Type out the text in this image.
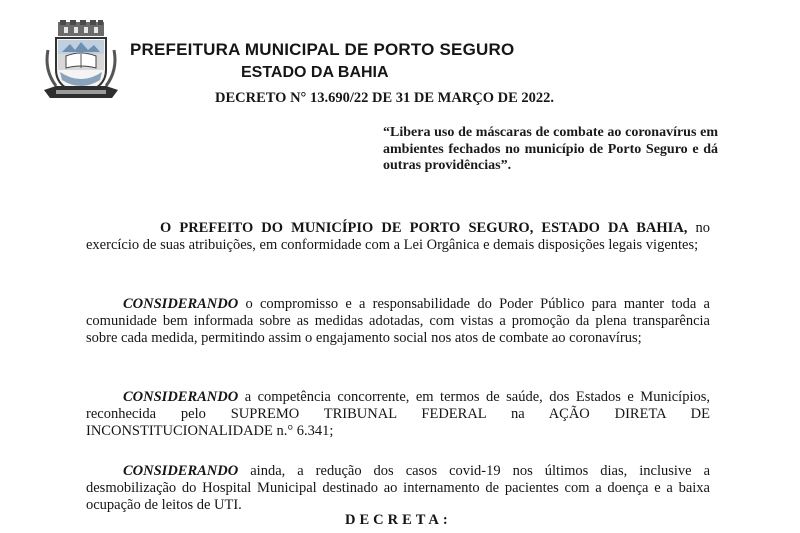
PREFEITURA MUNICIPAL DE PORTO SEGURO
ESTADO DA BAHIA
DECRETO N° 13.690/22 DE 31 DE MARÇO DE 2022.
“Libera uso de máscaras de combate ao coronavírus em ambientes fechados no município de Porto Seguro e dá outras providências”.
O PREFEITO DO MUNICÍPIO DE PORTO SEGURO, ESTADO DA BAHIA, no exercício de suas atribuições, em conformidade com a Lei Orgânica e demais disposições legais vigentes;
CONSIDERANDO o compromisso e a responsabilidade do Poder Público para manter toda a comunidade bem informada sobre as medidas adotadas, com vistas a promoção da plena transparência sobre cada medida, permitindo assim o engajamento social nos atos de combate ao coronavírus;
CONSIDERANDO a competência concorrente, em termos de saúde, dos Estados e Municípios, reconhecida pelo SUPREMO TRIBUNAL FEDERAL na AÇÃO DIRETA DE INCONSTITUCIONALIDADE n.° 6.341;
CONSIDERANDO ainda, a redução dos casos covid-19 nos últimos dias, inclusive a desmobilização do Hospital Municipal destinado ao internamento de pacientes com a doença e a baixa ocupação de leitos de UTI.
DECRETA:
